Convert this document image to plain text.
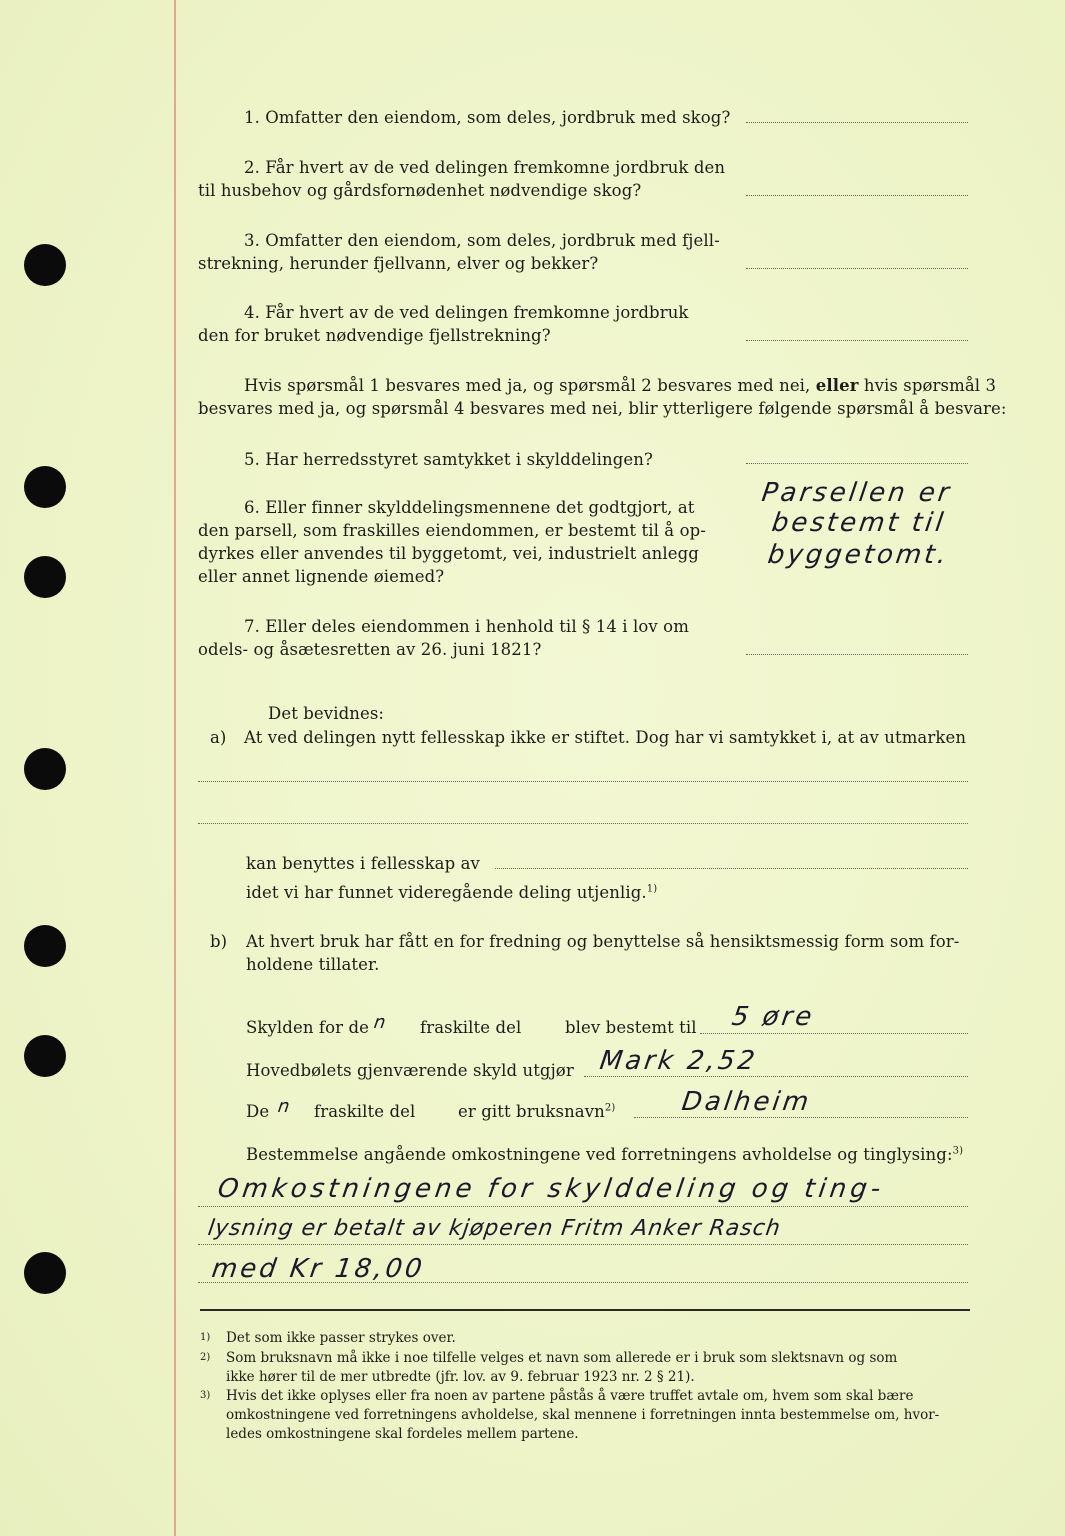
1. Omfatter den eiendom, som deles, jordbruk med skog?
2. Får hvert av de ved delingen fremkomne jordbruk den
til husbehov og gårdsfornødenhet nødvendige skog?
3. Omfatter den eiendom, som deles, jordbruk med fjell-
strekning, herunder fjellvann, elver og bekker?
4. Får hvert av de ved delingen fremkomne jordbruk
den for bruket nødvendige fjellstrekning?
Hvis spørsmål 1 besvares med ja, og spørsmål 2 besvares med nei, eller hvis spørsmål 3
besvares med ja, og spørsmål 4 besvares med nei, blir ytterligere følgende spørsmål å besvare:
5. Har herredsstyret samtykket i skylddelingen?
6. Eller finner skylddelingsmennene det godtgjort, at
den parsell, som fraskilles eiendommen, er bestemt til å op-
dyrkes eller anvendes til byggetomt, vei, industrielt anlegg
eller annet lignende øiemed?
Parsellen er
bestemt til
byggetomt.
7. Eller deles eiendommen i henhold til § 14 i lov om
odels- og åsætesretten av 26. juni 1821?
Det bevidnes:
a) At ved delingen nytt fellesskap ikke er stiftet. Dog har vi samtykket i, at av utmarken
kan benyttes i fellesskap av
idet vi har funnet videregående deling utjenlig.$^{1)}$
b) At hvert bruk har fått en for fredning og benyttelse så hensiktsmessig form som for-
holdene tillater.
Skylden for de n fraskilte del	blev bestemt til 5 øre
Hovedbølets gjenværende skyld utgjør Mark 2,52
De n fraskilte del	er gitt bruksnavn$^{2)}$ Dalheim
Bestemmelse angående omkostningene ved forretningens avholdelse og tinglysing:$^{3)}$
Omkostningene for skylddeling og ting-
lysning er betalt av kjøperen Fritm Anker Rasch
med Kr 18,00
1) Det som ikke passer strykes over.
2) Som bruksnavn må ikke i noe tilfelle velges et navn som allerede er i bruk som slektsnavn og som
ikke hører til de mer utbredte (jfr. lov. av 9. februar 1923 nr. 2 § 21).
3) Hvis det ikke oplyses eller fra noen av partene påstås å være truffet avtale om, hvem som skal bære
omkostningene ved forretningens avholdelse, skal mennene i forretningen innta bestemmelse om, hvor-
ledes omkostningene skal fordeles mellem partene.
